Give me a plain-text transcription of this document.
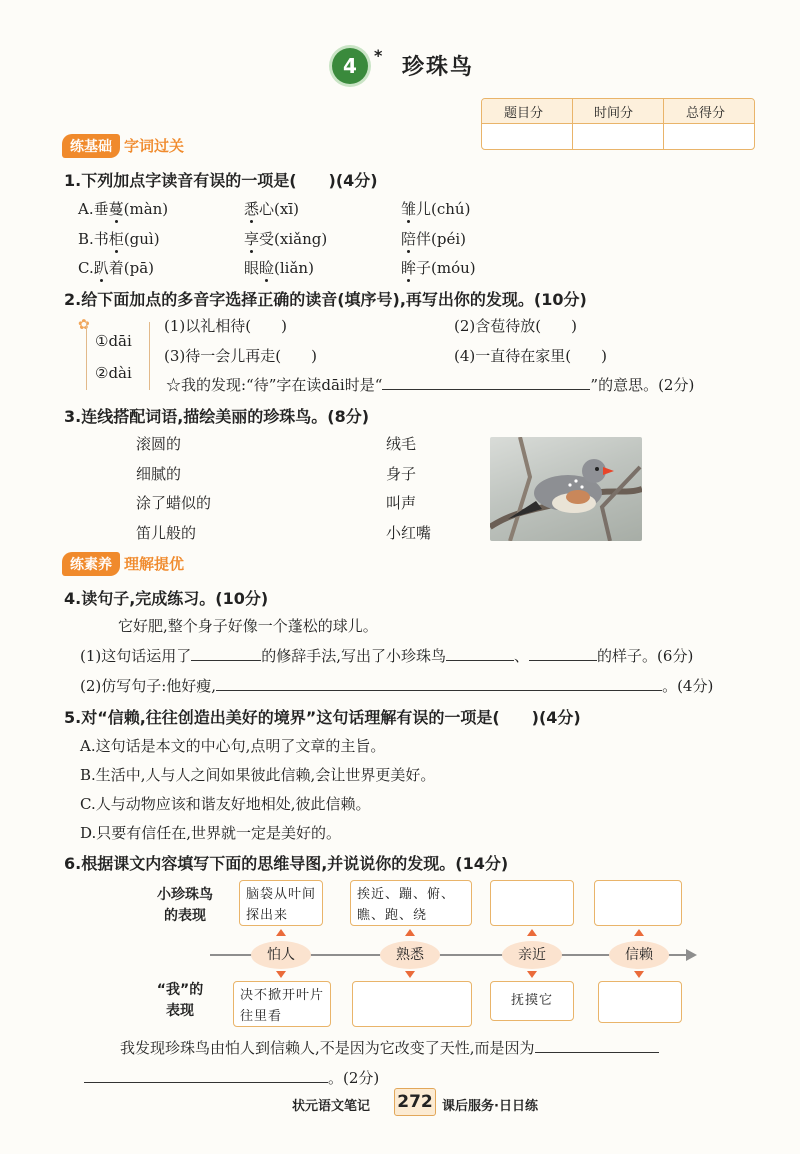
4	* 珍珠鸟
题目分	时间分	总得分
练基础 字词过关
1.下列加点字读音有误的一项是(　　)(4分)
A.垂蔓(màn)	悉心(xī)	雏儿(chú)
B.书柜(guì)	享受(xiǎng)	陪伴(péi)
C.趴着(pā)	眼睑(liǎn)	眸子(móu)
2.给下面加点的多音字选择正确的读音(填序号),再写出你的发现。(10分)
✿
①dāi
②dài
(1)以礼相待(　　)	(2)含苞待放(　　)
(3)待一会儿再走(　　)	(4)一直待在家里(　　)
☆我的发现:“待”字在读dāi时是“	”的意思。(2分)
3.连线搭配词语,描绘美丽的珍珠鸟。(8分)
滚圆的
细腻的
涂了蜡似的
笛儿般的
绒毛
身子
叫声
小红嘴
练素养 理解提优
4.读句子,完成练习。(10分)
它好肥,整个身子好像一个蓬松的球儿。
(1)这句话运用了	的修辞手法,写出了小珍珠鸟	、	的样子。(6分)
(2)仿写句子:他好瘦,	。(4分)
5.对“信赖,往往创造出美好的境界”这句话理解有误的一项是(　　)(4分)
A.这句话是本文的中心句,点明了文章的主旨。
B.生活中,人与人之间如果彼此信赖,会让世界更美好。
C.人与动物应该和谐友好地相处,彼此信赖。
D.只要有信任在,世界就一定是美好的。
6.根据课文内容填写下面的思维导图,并说说你的发现。(14分)
小珍珠鸟
的表现
“我”的
表现
脑袋从叶间探出来
挨近、蹦、俯、瞧、跑、绕
怕人	熟悉	亲近	信赖
决不掀开叶片往里看
抚摸它
我发现珍珠鸟由怕人到信赖人,不是因为它改变了天性,而是因为
。(2分)
状元语文笔记 272 课后服务·日日练
